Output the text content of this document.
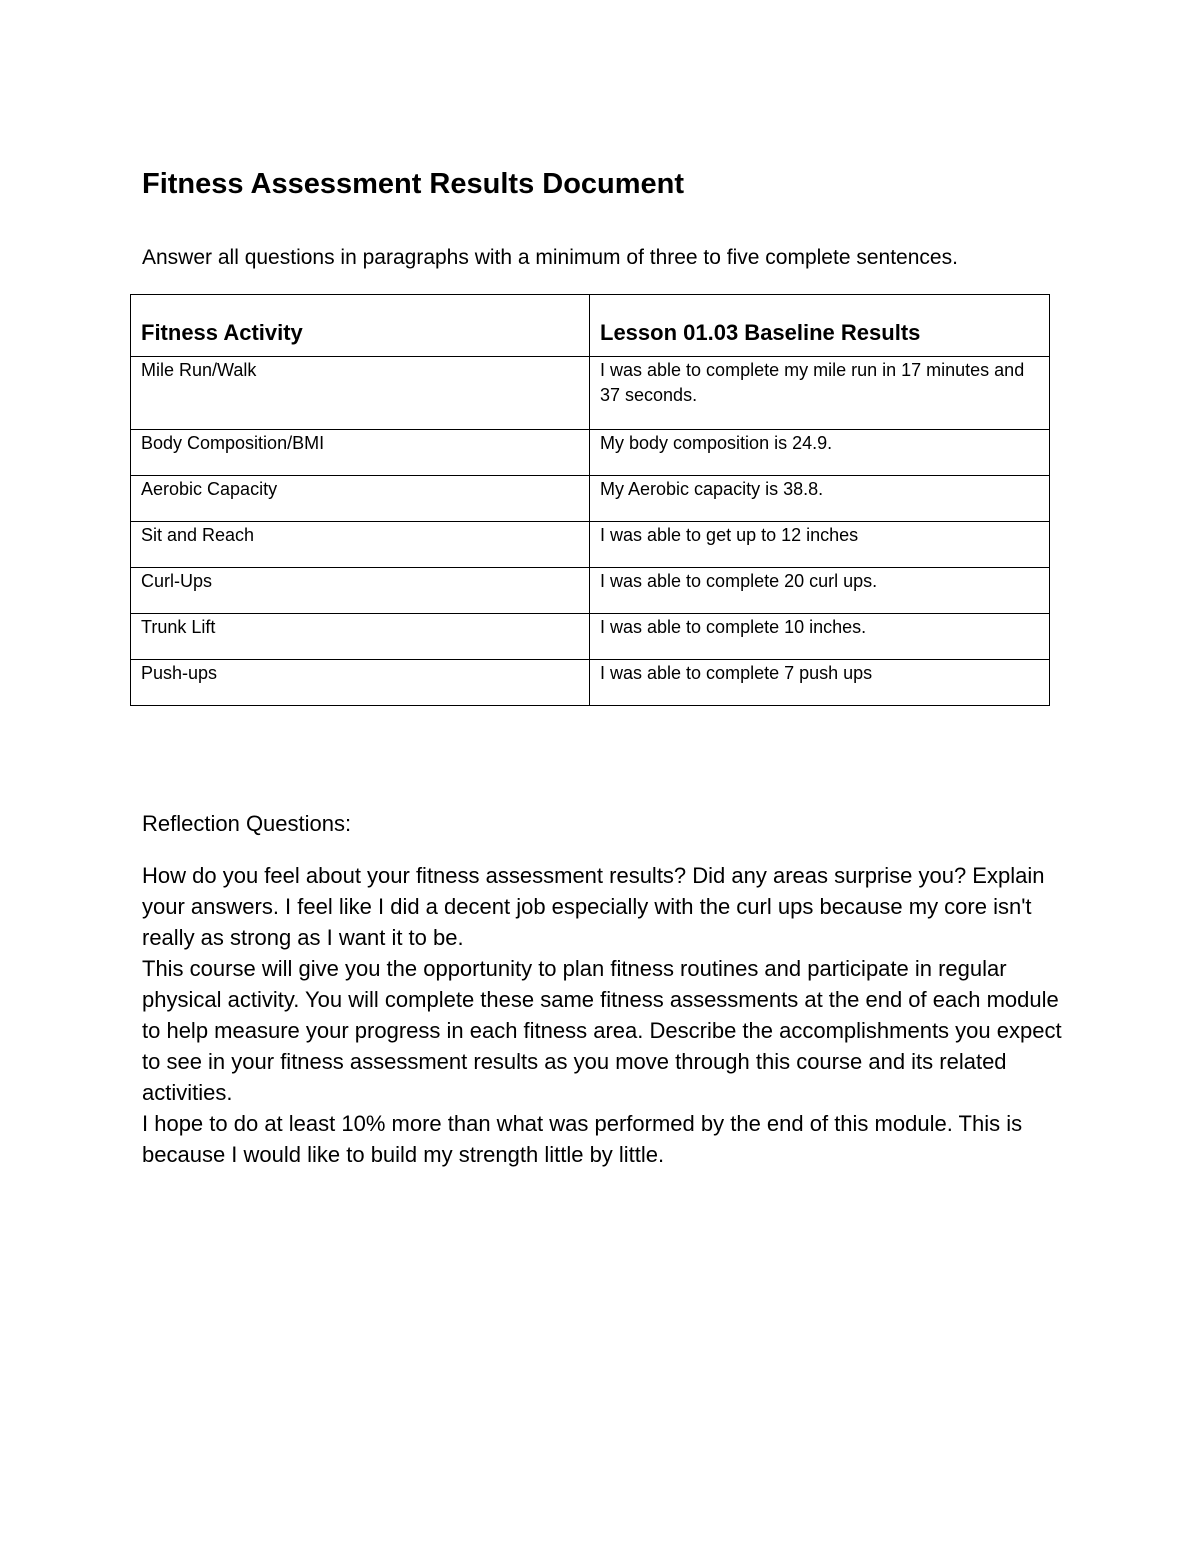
Fitness Assessment Results Document

Answer all questions in paragraphs with a minimum of three to five complete sentences.

Fitness Activity	Lesson 01.03 Baseline Results
Mile Run/Walk	I was able to complete my mile run in 17 minutes and 37 seconds.
Body Composition/BMI	My body composition is 24.9.
Aerobic Capacity	My Aerobic capacity is 38.8.
Sit and Reach	I was able to get up to 12 inches
Curl-Ups	I was able to complete 20 curl ups.
Trunk Lift	I was able to complete 10 inches.
Push-ups	I was able to complete 7 push ups

Reflection Questions:

How do you feel about your fitness assessment results? Did any areas surprise you? Explain your answers. I feel like I did a decent job especially with the curl ups because my core isn't really as strong as I want it to be.

This course will give you the opportunity to plan fitness routines and participate in regular physical activity. You will complete these same fitness assessments at the end of each module to help measure your progress in each fitness area. Describe the accomplishments you expect to see in your fitness assessment results as you move through this course and its related activities.

I hope to do at least 10% more than what was performed by the end of this module. This is because I would like to build my strength little by little.
